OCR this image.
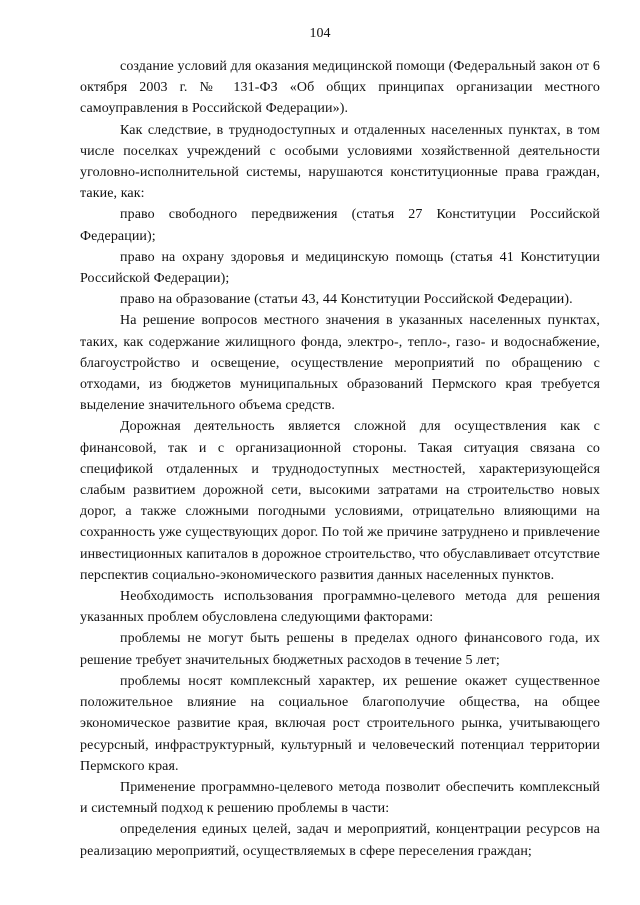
104

создание условий для оказания медицинской помощи (Федеральный закон от 6 октября 2003 г. № 131-ФЗ «Об общих принципах организации местного самоуправления в Российской Федерации»).

Как следствие, в труднодоступных и отдаленных населенных пунктах, в том числе поселках учреждений с особыми условиями хозяйственной деятельности уголовно-исполнительной системы, нарушаются конституционные права граждан, такие, как:

право свободного передвижения (статья 27 Конституции Российской Федерации);

право на охрану здоровья и медицинскую помощь (статья 41 Конституции Российской Федерации);

право на образование (статьи 43, 44 Конституции Российской Федерации).

На решение вопросов местного значения в указанных населенных пунктах, таких, как содержание жилищного фонда, электро-, тепло-, газо- и водоснабжение, благоустройство и освещение, осуществление мероприятий по обращению с отходами, из бюджетов муниципальных образований Пермского края требуется выделение значительного объема средств.

Дорожная деятельность является сложной для осуществления как с финансовой, так и с организационной стороны. Такая ситуация связана со спецификой отдаленных и труднодоступных местностей, характеризующейся слабым развитием дорожной сети, высокими затратами на строительство новых дорог, а также сложными погодными условиями, отрицательно влияющими на сохранность уже существующих дорог. По той же причине затруднено и привлечение инвестиционных капиталов в дорожное строительство, что обуславливает отсутствие перспектив социально-экономического развития данных населенных пунктов.

Необходимость использования программно-целевого метода для решения указанных проблем обусловлена следующими факторами:

проблемы не могут быть решены в пределах одного финансового года, их решение требует значительных бюджетных расходов в течение 5 лет;

проблемы носят комплексный характер, их решение окажет существенное положительное влияние на социальное благополучие общества, на общее экономическое развитие края, включая рост строительного рынка, учитывающего ресурсный, инфраструктурный, культурный и человеческий потенциал территории Пермского края.

Применение программно-целевого метода позволит обеспечить комплексный и системный подход к решению проблемы в части:

определения единых целей, задач и мероприятий, концентрации ресурсов на реализацию мероприятий, осуществляемых в сфере переселения граждан;
